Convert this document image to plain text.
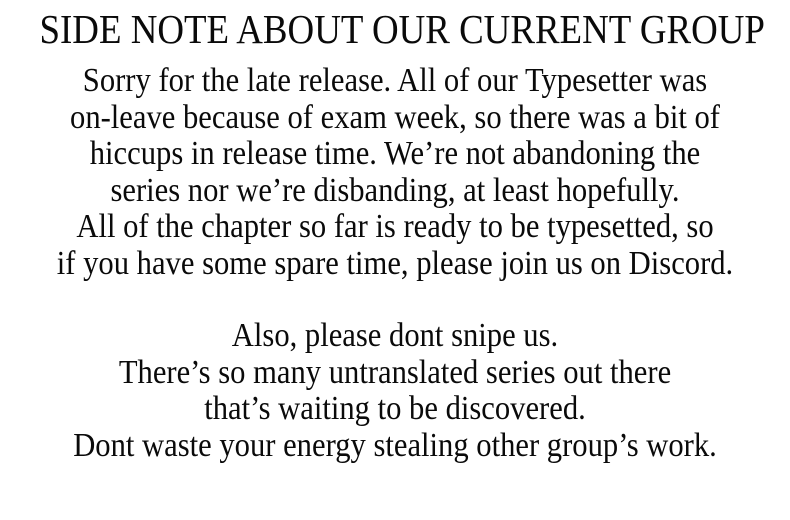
SIDE NOTE ABOUT OUR CURRENT GROUP
Sorry for the late release. All of our Typesetter was
on-leave because of exam week, so there was a bit of
hiccups in release time. We’re not abandoning the
series nor we’re disbanding, at least hopefully.
All of the chapter so far is ready to be typesetted, so
if you have some spare time, please join us on Discord.
Also, please dont snipe us.
There’s so many untranslated series out there
that’s waiting to be discovered.
Dont waste your energy stealing other group’s work.
